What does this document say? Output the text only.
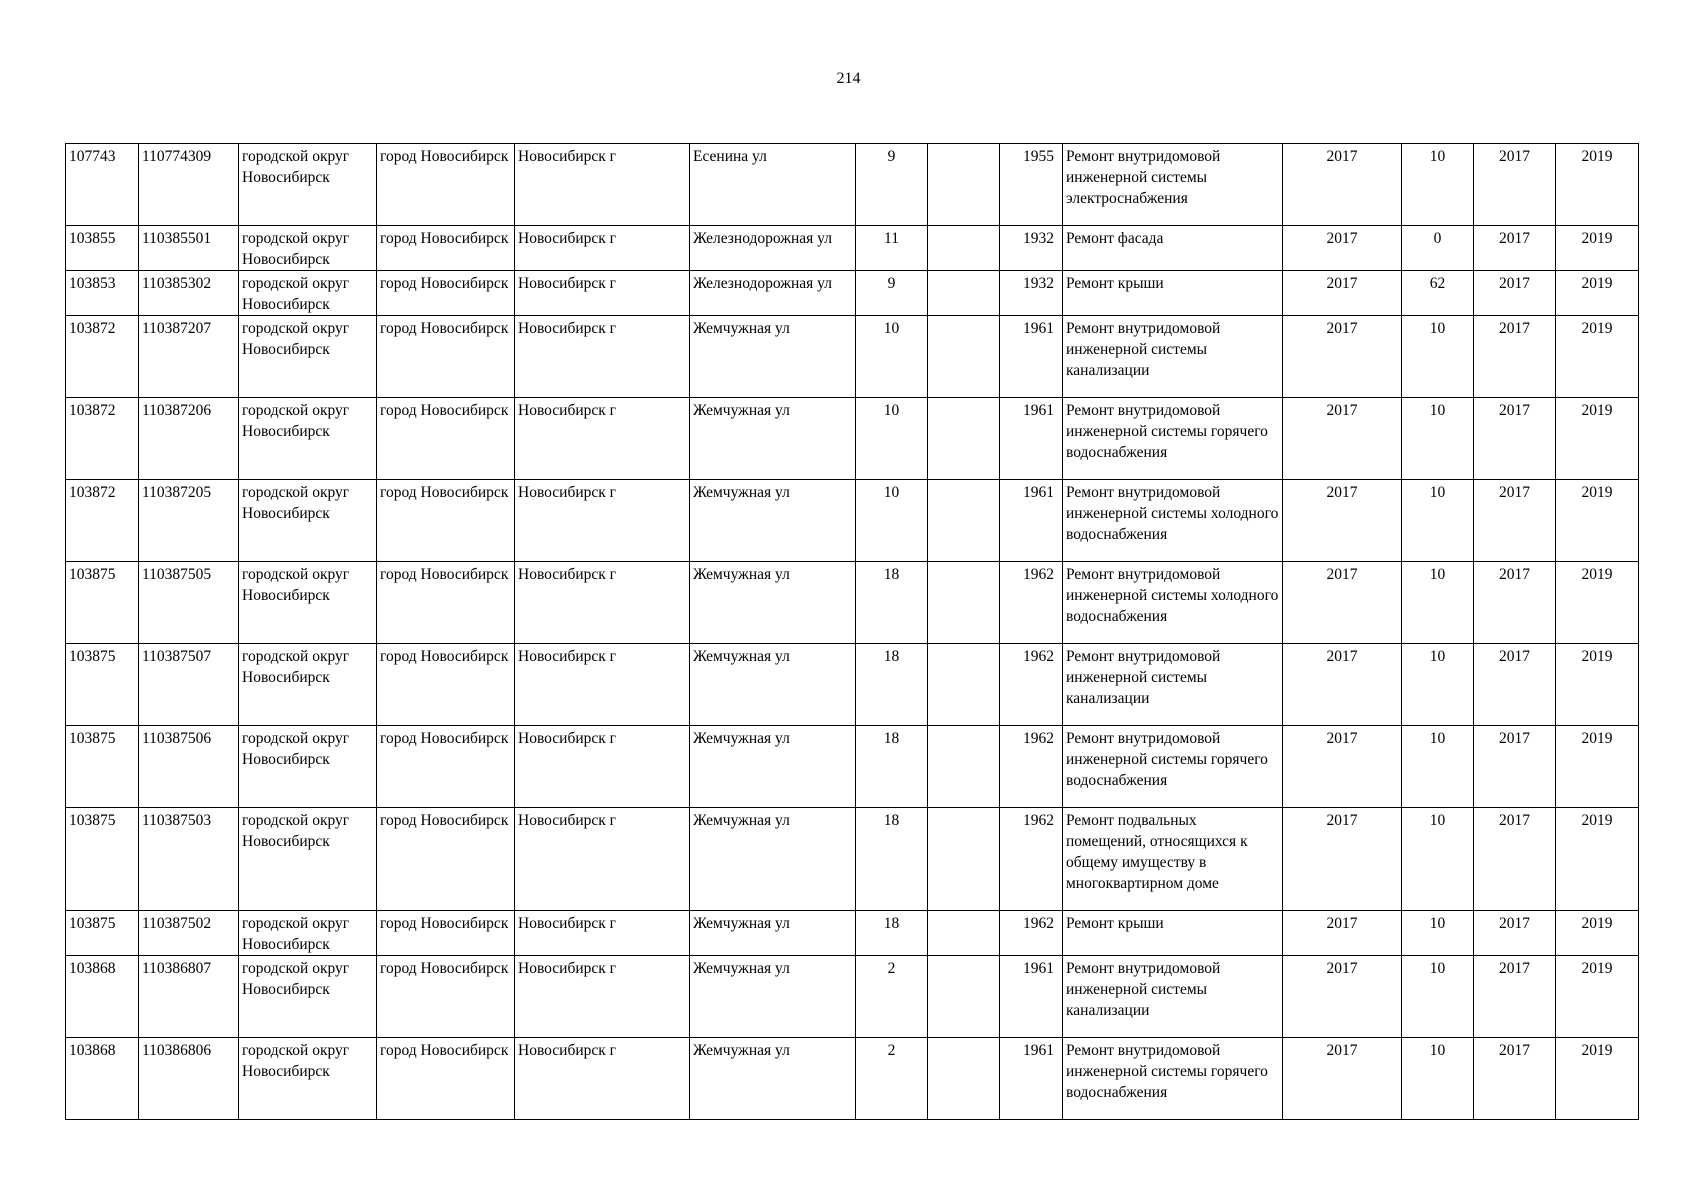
214
107743	110774309	городской округ Новосибирск	город Новосибирск	Новосибирск г	Есенина ул	9		1955	Ремонт внутридомовой инженерной системы электроснабжения	2017	10	2017	2019
103855	110385501	городской округ Новосибирск	город Новосибирск	Новосибирск г	Железнодорожная ул	11		1932	Ремонт фасада	2017	0	2017	2019
103853	110385302	городской округ Новосибирск	город Новосибирск	Новосибирск г	Железнодорожная ул	9		1932	Ремонт крыши	2017	62	2017	2019
103872	110387207	городской округ Новосибирск	город Новосибирск	Новосибирск г	Жемчужная ул	10		1961	Ремонт внутридомовой инженерной системы канализации	2017	10	2017	2019
103872	110387206	городской округ Новосибирск	город Новосибирск	Новосибирск г	Жемчужная ул	10		1961	Ремонт внутридомовой инженерной системы горячего водоснабжения	2017	10	2017	2019
103872	110387205	городской округ Новосибирск	город Новосибирск	Новосибирск г	Жемчужная ул	10		1961	Ремонт внутридомовой инженерной системы холодного водоснабжения	2017	10	2017	2019
103875	110387505	городской округ Новосибирск	город Новосибирск	Новосибирск г	Жемчужная ул	18		1962	Ремонт внутридомовой инженерной системы холодного водоснабжения	2017	10	2017	2019
103875	110387507	городской округ Новосибирск	город Новосибирск	Новосибирск г	Жемчужная ул	18		1962	Ремонт внутридомовой инженерной системы канализации	2017	10	2017	2019
103875	110387506	городской округ Новосибирск	город Новосибирск	Новосибирск г	Жемчужная ул	18		1962	Ремонт внутридомовой инженерной системы горячего водоснабжения	2017	10	2017	2019
103875	110387503	городской округ Новосибирск	город Новосибирск	Новосибирск г	Жемчужная ул	18		1962	Ремонт подвальных помещений, относящихся к общему имуществу в многоквартирном доме	2017	10	2017	2019
103875	110387502	городской округ Новосибирск	город Новосибирск	Новосибирск г	Жемчужная ул	18		1962	Ремонт крыши	2017	10	2017	2019
103868	110386807	городской округ Новосибирск	город Новосибирск	Новосибирск г	Жемчужная ул	2		1961	Ремонт внутридомовой инженерной системы канализации	2017	10	2017	2019
103868	110386806	городской округ Новосибирск	город Новосибирск	Новосибирск г	Жемчужная ул	2		1961	Ремонт внутридомовой инженерной системы горячего водоснабжения	2017	10	2017	2019
